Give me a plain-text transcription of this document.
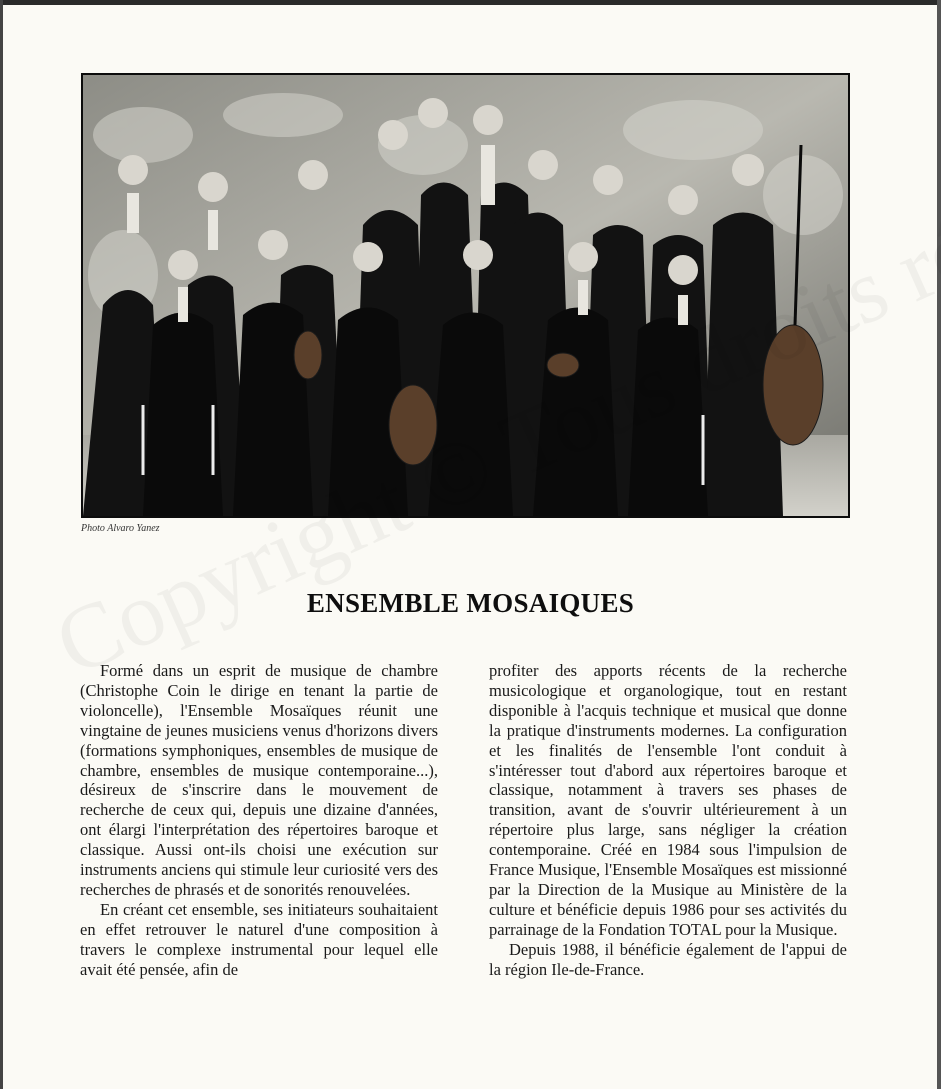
Photo Alvaro Yanez
ENSEMBLE MOSAIQUES

Formé dans un esprit de musique de chambre (Christophe Coin le dirige en tenant la partie de violoncelle), l'Ensemble Mosaïques réunit une vingtaine de jeunes musiciens venus d'horizons divers (formations symphoniques, ensembles de musique de chambre, ensembles de musique contemporaine...), désireux de s'inscrire dans le mouvement de recherche de ceux qui, depuis une dizaine d'années, ont élargi l'interprétation des répertoires baroque et classique. Aussi ont-ils choisi une exécution sur instruments anciens qui stimule leur curiosité vers des recherches de phrasés et de sonorités renouvelées.

En créant cet ensemble, ses initiateurs souhaitaient en effet retrouver le naturel d'une composition à travers le complexe instrumental pour lequel elle avait été pensée, afin de

profiter des apports récents de la recherche musicologique et organologique, tout en restant disponible à l'acquis technique et musical que donne la pratique d'instruments modernes. La configuration et les finalités de l'ensemble l'ont conduit à s'intéresser tout d'abord aux répertoires baroque et classique, notamment à travers ses phases de transition, avant de s'ouvrir ultérieurement à un répertoire plus large, sans négliger la création contemporaine. Créé en 1984 sous l'impulsion de France Musique, l'Ensemble Mosaïques est missionné par la Direction de la Musique au Ministère de la culture et bénéficie depuis 1986 pour ses activités du parrainage de la Fondation TOTAL pour la Musique.

Depuis 1988, il bénéficie également de l'appui de la région Ile-de-France.
